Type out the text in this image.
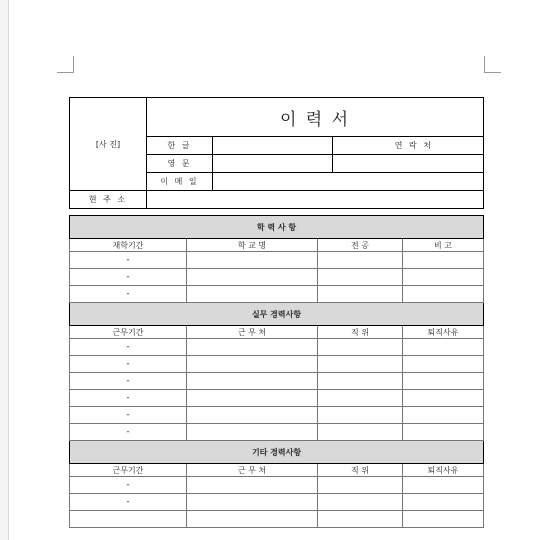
[사 진]	이 력 서		
	한 글		연 락 처
	영 문		
	이 메 일		
현 주 소			
학 력 사 항			
재학기간	학 교 명	전 공	비 고
-			
-			
-			
실무 경력사항			
근무기간	근 무 처	직 위	퇴직사유
-			
-			
-			
-			
-			
-			
기타 경력사항			
근무기간	근 무 처	직 위	퇴직사유
-			
-			
